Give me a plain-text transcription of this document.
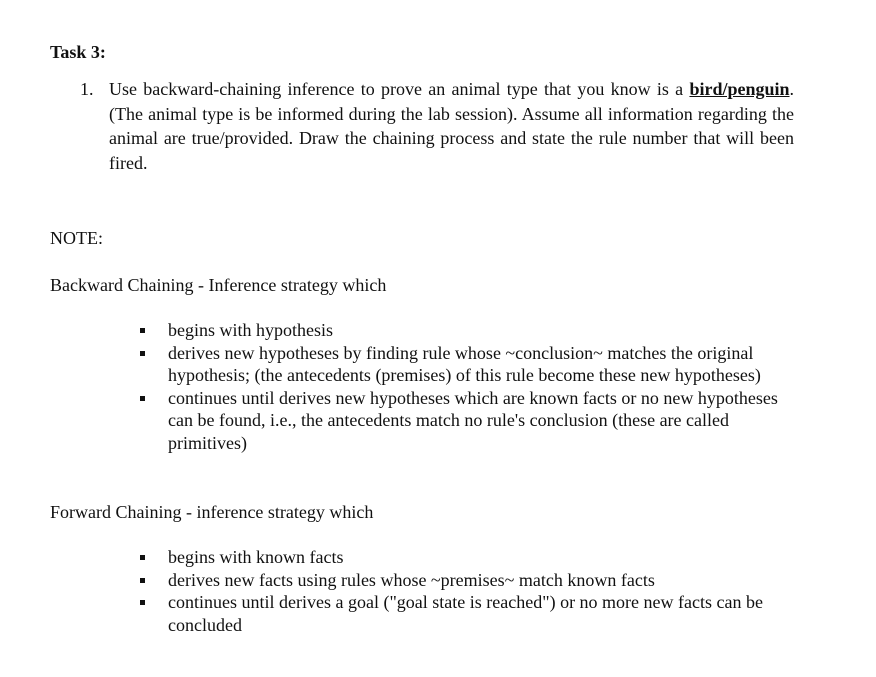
Task 3:
1. Use backward-chaining inference to prove an animal type that you know is a bird/penguin. (The animal type is be informed during the lab session). Assume all information regarding the animal are true/provided. Draw the chaining process and state the rule number that will been fired.
NOTE:
Backward Chaining - Inference strategy which
begins with hypothesis
derives new hypotheses by finding rule whose ~conclusion~ matches the original hypothesis; (the antecedents (premises) of this rule become these new hypotheses)
continues until derives new hypotheses which are known facts or no new hypotheses can be found, i.e., the antecedents match no rule's conclusion (these are called primitives)
Forward Chaining - inference strategy which
begins with known facts
derives new facts using rules whose ~premises~ match known facts
continues until derives a goal ("goal state is reached") or no more new facts can be concluded
